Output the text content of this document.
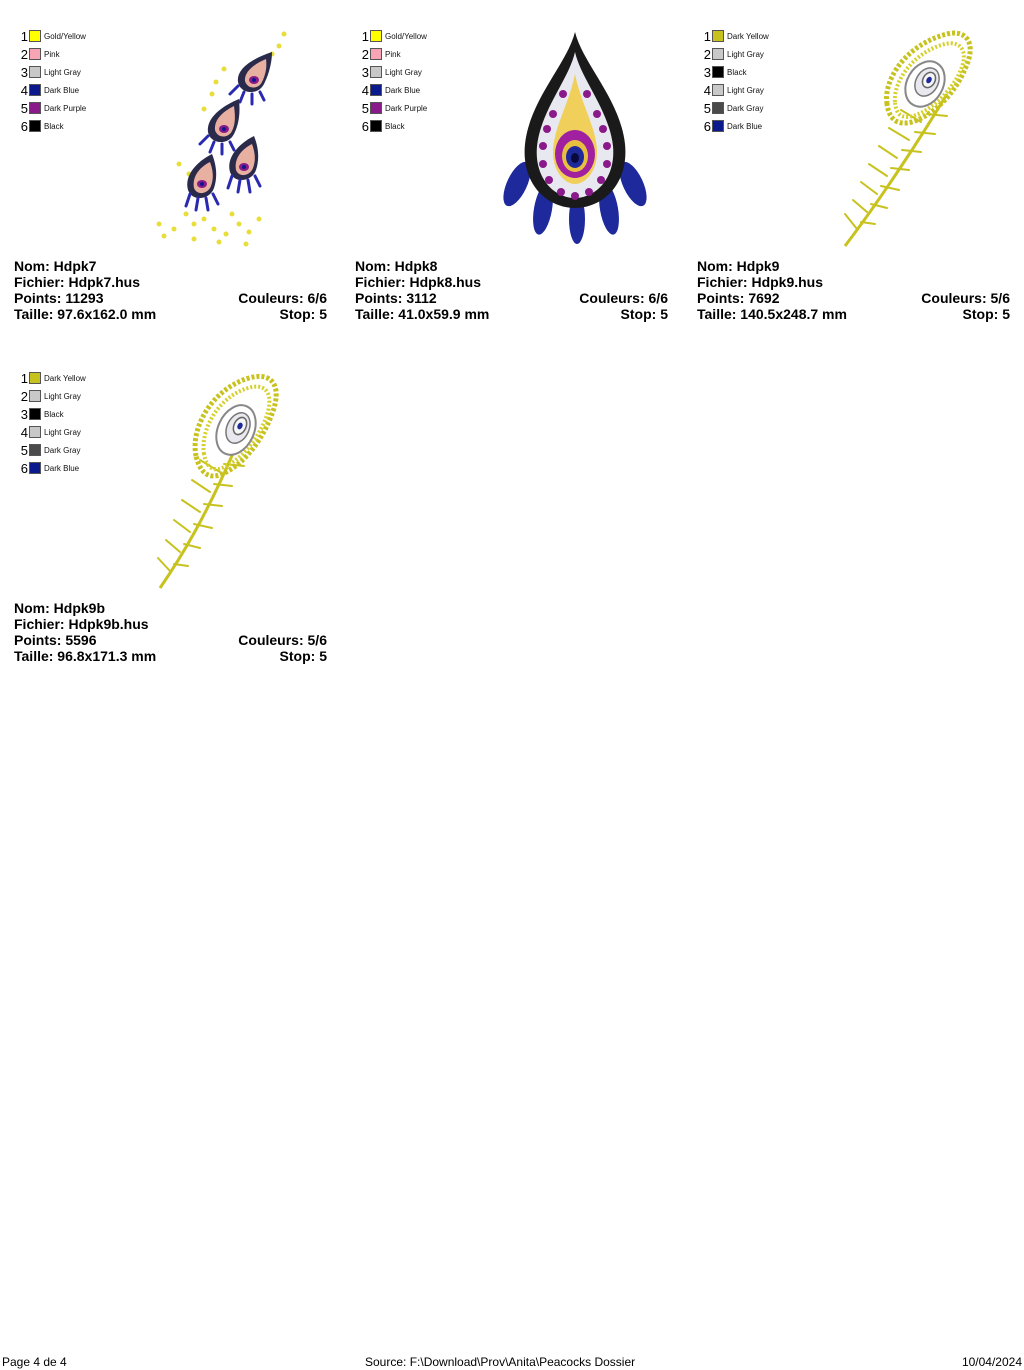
1 Gold/Yellow
2 Pink
3 Light Gray
4 Dark Blue
5 Dark Purple
6 Black
Nom: Hdpk7
Fichier: Hdpk7.hus
Points: 11293	Couleurs: 6/6
Taille: 97.6x162.0 mm	Stop: 5
1 Gold/Yellow
2 Pink
3 Light Gray
4 Dark Blue
5 Dark Purple
6 Black
Nom: Hdpk8
Fichier: Hdpk8.hus
Points: 3112	Couleurs: 6/6
Taille: 41.0x59.9 mm	Stop: 5
1 Dark Yellow
2 Light Gray
3 Black
4 Light Gray
5 Dark Gray
6 Dark Blue
Nom: Hdpk9
Fichier: Hdpk9.hus
Points: 7692	Couleurs: 5/6
Taille: 140.5x248.7 mm	Stop: 5
1 Dark Yellow
2 Light Gray
3 Black
4 Light Gray
5 Dark Gray
6 Dark Blue
Nom: Hdpk9b
Fichier: Hdpk9b.hus
Points: 5596	Couleurs: 5/6
Taille: 96.8x171.3 mm	Stop: 5
Page 4 de 4	Source: F:\Download\Prov\Anita\Peacocks Dossier	10/04/2024
